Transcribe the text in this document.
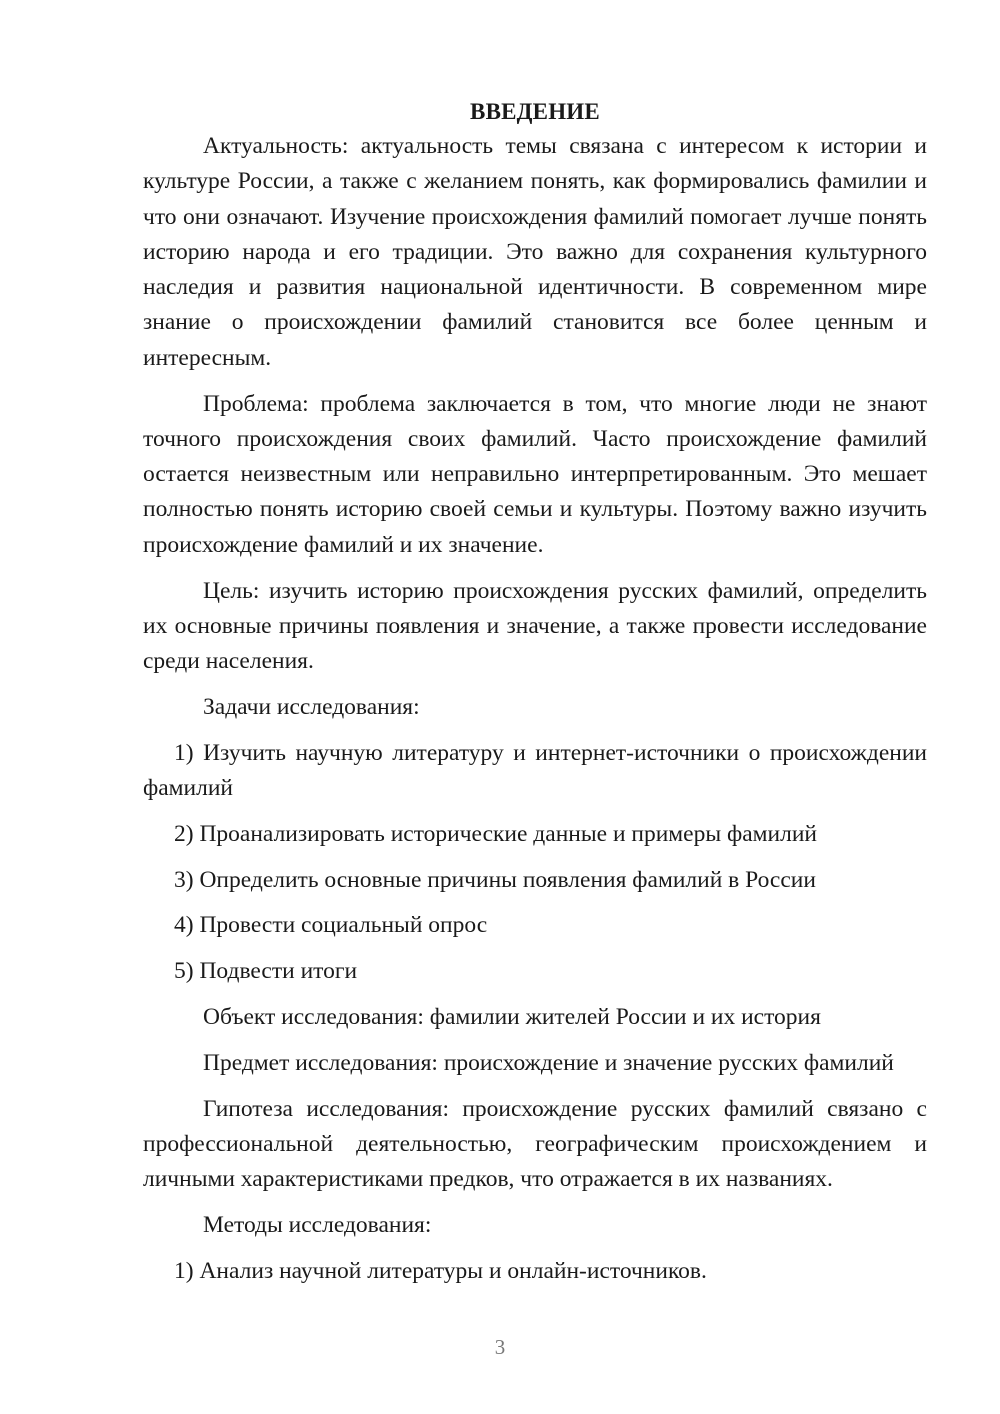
ВВЕДЕНИЕ

Актуальность: актуальность темы связана с интересом к истории и культуре России, а также с желанием понять, как формировались фамилии и что они означают. Изучение происхождения фамилий помогает лучше понять историю народа и его традиции. Это важно для сохранения культурного наследия и развития национальной идентичности. В современном мире знание о происхождении фамилий становится все более ценным и интересным.

Проблема: проблема заключается в том, что многие люди не знают точного происхождения своих фамилий. Часто происхождение фамилий остается неизвестным или неправильно интерпретированным. Это мешает полностью понять историю своей семьи и культуры. Поэтому важно изучить происхождение фамилий и их значение.

Цель: изучить историю происхождения русских фамилий, определить их основные причины появления и значение, а также провести исследование среди населения.

Задачи исследования:

1) Изучить научную литературу и интернет-источники о происхождении фамилий

2) Проанализировать исторические данные и примеры фамилий

3) Определить основные причины появления фамилий в России

4) Провести социальный опрос

5) Подвести итоги

Объект исследования: фамилии жителей России и их история

Предмет исследования: происхождение и значение русских фамилий

Гипотеза исследования: происхождение русских фамилий связано с профессиональной деятельностью, географическим происхождением и личными характеристиками предков, что отражается в их названиях.

Методы исследования:

1) Анализ научной литературы и онлайн-источников.

3
